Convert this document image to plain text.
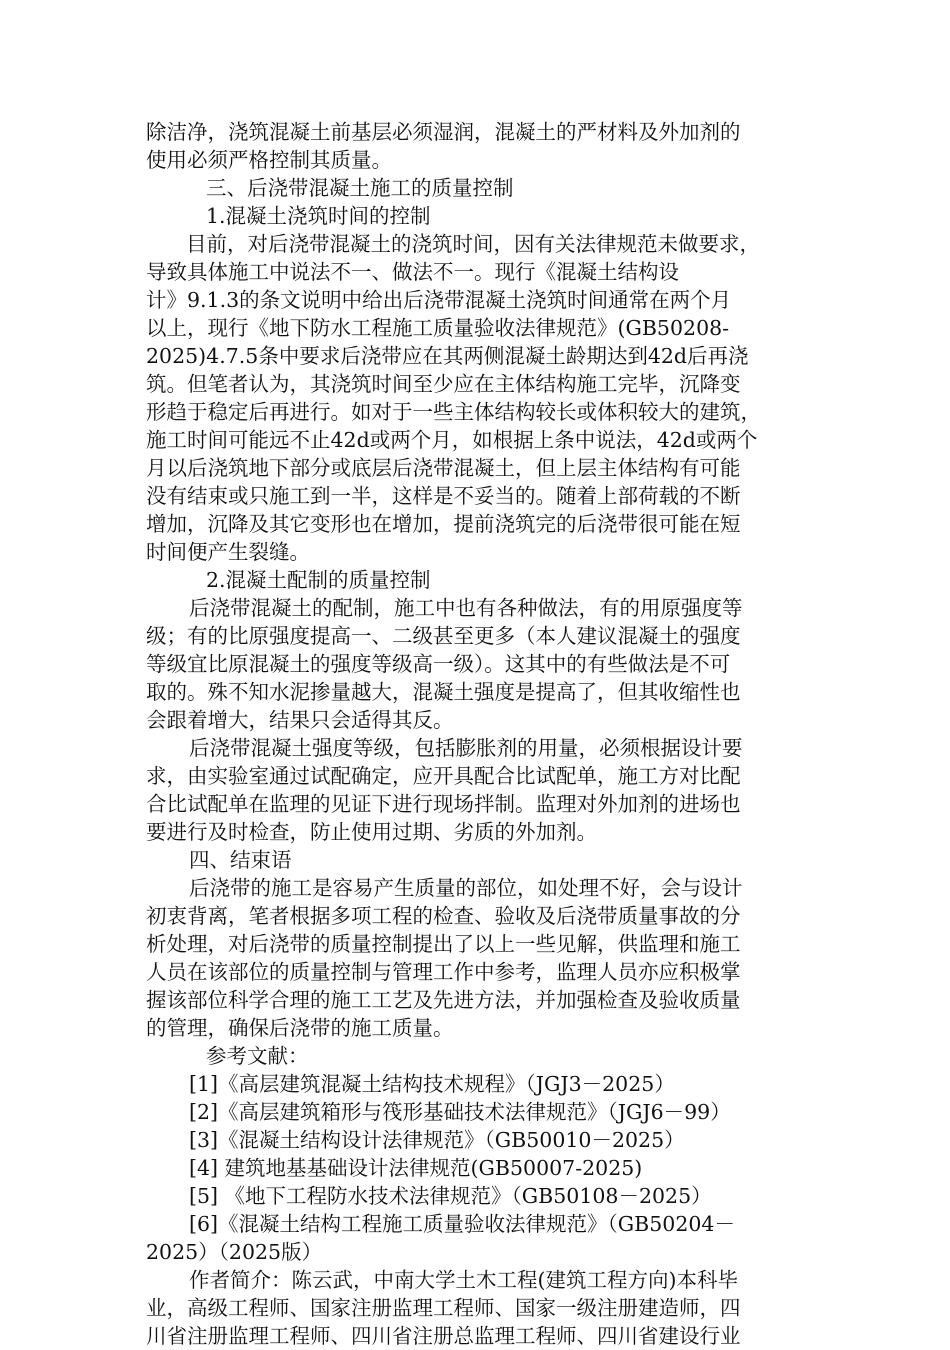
除洁净，浇筑混凝土前基层必须湿润，混凝土的严材料及外加剂的
使用必须严格控制其质量。
三、后浇带混凝土施工的质量控制
1.混凝土浇筑时间的控制
目前，对后浇带混凝土的浇筑时间，因有关法律规范未做要求，
导致具体施工中说法不一、做法不一。现行《混凝土结构设
计》9.1.3的条文说明中给出后浇带混凝土浇筑时间通常在两个月
以上，现行《地下防水工程施工质量验收法律规范》(GB50208-
2025)4.7.5条中要求后浇带应在其两侧混凝土龄期达到42d后再浇
筑。但笔者认为，其浇筑时间至少应在主体结构施工完毕，沉降变
形趋于稳定后再进行。如对于一些主体结构较长或体积较大的建筑，
施工时间可能远不止42d或两个月，如根据上条中说法，42d或两个
月以后浇筑地下部分或底层后浇带混凝土，但上层主体结构有可能
没有结束或只施工到一半，这样是不妥当的。随着上部荷载的不断
增加，沉降及其它变形也在增加，提前浇筑完的后浇带很可能在短
时间便产生裂缝。
2.混凝土配制的质量控制
后浇带混凝土的配制，施工中也有各种做法，有的用原强度等
级；有的比原强度提高一、二级甚至更多（本人建议混凝土的强度
等级宜比原混凝土的强度等级高一级）。这其中的有些做法是不可
取的。殊不知水泥掺量越大，混凝土强度是提高了，但其收缩性也
会跟着增大，结果只会适得其反。
后浇带混凝土强度等级，包括膨胀剂的用量，必须根据设计要
求，由实验室通过试配确定，应开具配合比试配单，施工方对比配
合比试配单在监理的见证下进行现场拌制。监理对外加剂的进场也
要进行及时检查，防止使用过期、劣质的外加剂。
四、结束语
后浇带的施工是容易产生质量的部位，如处理不好，会与设计
初衷背离，笔者根据多项工程的检查、验收及后浇带质量事故的分
析处理，对后浇带的质量控制提出了以上一些见解，供监理和施工
人员在该部位的质量控制与管理工作中参考，监理人员亦应积极掌
握该部位科学合理的施工工艺及先进方法，并加强检查及验收质量
的管理，确保后浇带的施工质量。
参考文献：
[1]《高层建筑混凝土结构技术规程》（JGJ3－2025）
[2]《高层建筑箱形与筏形基础技术法律规范》（JGJ6－99）
[3]《混凝土结构设计法律规范》（GB50010－2025）
[4] 建筑地基基础设计法律规范(GB50007-2025)
[5] 《地下工程防水技术法律规范》（GB50108－2025）
[6]《混凝土结构工程施工质量验收法律规范》（GB50204－
2025）（2025版）
作者简介：陈云武，中南大学土木工程(建筑工程方向)本科毕
业，高级工程师、国家注册监理工程师、国家一级注册建造师，四
川省注册监理工程师、四川省注册总监理工程师、四川省建设行业
